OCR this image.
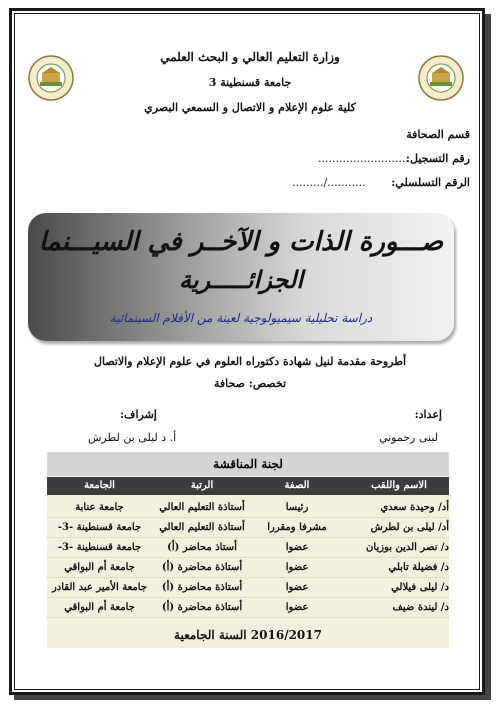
وزارة التعليم العالي و البحث العلمي
جامعة قسنطينة 3
كلية علوم الإعلام و الاتصال و السمعي البصري
قسم الصحافة
رقم التسجيل:
..........................
الرقم التسلسلي:
........./...........
صـــورة الذات و الآخــر في السيـــنما
الجزائـــــرية
دراسة تحليلية سيميولوجية لعينة من الأفلام السينمائية
أطروحة مقدمة لنيل شهادة دكتوراه العلوم في علوم الإعلام والاتصال
تخصص: صحافة
إعداد:
لبنى رحموني
إشراف:
أ. د ليلى بن لطرش
لجنة المناقشة
الاسم واللقب
الصفة
الرتبة
الجامعة
أد/ وحيدة سعدي
رئيسا
أستاذة التعليم العالي
جامعة عنابة
أد/ ليلى بن لطرش
مشرفا ومقررا
أستاذة التعليم العالي
جامعة قسنطينة -3-
د/ نصر الدين بوزيان
عضوا
أستاذ محاضر (أ)
جامعة قسنطينة -3-
د/ فضيلة تابلي
عضوا
أستاذة محاضرة (أ)
جامعة أم البواقي
د/ ليلى فيلالي
عضوا
أستاذة محاضرة (أ)
جامعة الأمير عبد القادر
د/ ليندة ضيف
عضوا
أستاذة محاضرة (أ)
جامعة أم البواقي
السنة الجامعية 2016/2017
